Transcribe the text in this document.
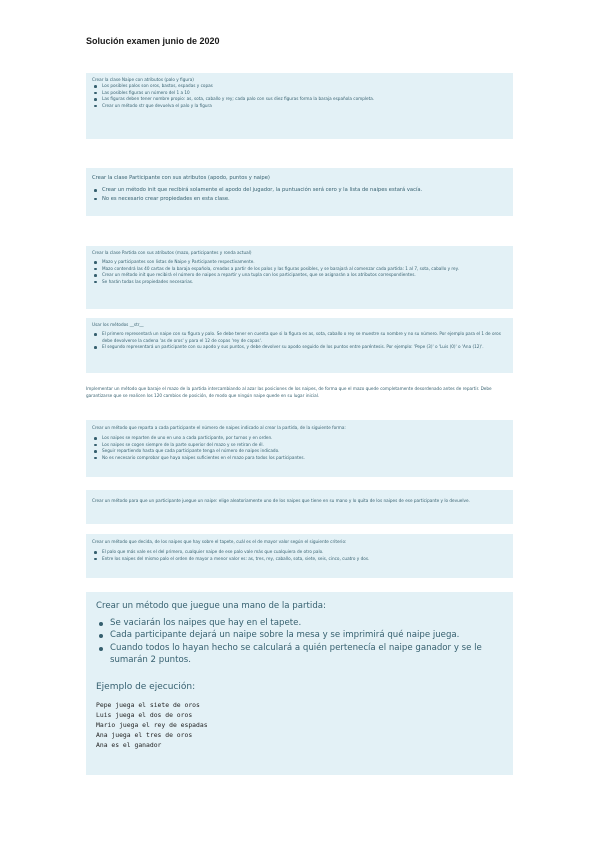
Solución examen junio de 2020

Crear la clase Naipe con atributos (palo y figura)

Los posibles palos son oros, bastos, espadas y copas
Las posibles figuras un número del 1 a 10
Las figuras deben tener nombre propio: as, sota, caballo y rey; cada palo con sus diez figuras forma la baraja española completa.
Crear un método str que devuelva el palo y la figura

Crear la clase Participante con sus atributos (apodo, puntos y naipe)

Crear un método init que recibirá solamente el apodo del jugador, la puntuación será cero y la lista de naipes estará vacía.
No es necesario crear propiedades en esta clase.

Crear la clase Partida con sus atributos (mazo, participantes y ronda actual)

Mazo y participantes son listas de Naipe y Participante respectivamente.
Mazo contendrá las 40 cartas de la baraja española, creadas a partir de los palos y las figuras posibles, y se barajará al comenzar cada partida: 1 al 7, sota, caballo y rey.
Crear un método init que recibirá el número de naipes a repartir y una tupla con los participantes, que se asignarán a los atributos correspondientes.
Se harán todas las propiedades necesarias.

Usar los métodos __str__

El primero representará un naipe con su figura y palo. Se debe tener en cuenta que si la figura es as, sota, caballo o rey se muestre su nombre y no su número. Por ejemplo para el 1 de oros debe devolverse la cadena 'as de oros' y para el 12 de copas 'rey de copas'.
El segundo representará un participante con su apodo y sus puntos, y debe devolver su apodo seguido de los puntos entre paréntesis. Por ejemplo: 'Pepe (3)' o 'Luis (0)' o 'Ana (12)'.
Implementar un método que baraje el mazo de la partida intercambiando al azar las posiciones de los naipes, de forma que el mazo quede completamente desordenado antes de repartir. Debe garantizarse que se realicen los 120 cambios de posición, de modo que ningún naipe quede en su lugar inicial.

Crear un método que reparta a cada participante el número de naipes indicado al crear la partida, de la siguiente forma:

Los naipes se reparten de uno en uno a cada participante, por turnos y en orden.
Los naipes se cogen siempre de la parte superior del mazo y se retiran de él.
Seguir repartiendo hasta que cada participante tenga el número de naipes indicado.
No es necesario comprobar que haya naipes suficientes en el mazo para todos los participantes.

Crear un método para que un participante juegue un naipe: elige aleatoriamente uno de los naipes que tiene en su mano y lo quita de los naipes de ese participante y lo devuelve.

Crear un método que decida, de los naipes que hay sobre el tapete, cuál es el de mayor valor según el siguiente criterio:

El palo que más vale es el del primero, cualquier naipe de ese palo vale más que cualquiera de otro palo.
Entre los naipes del mismo palo el orden de mayor a menor valor es: as, tres, rey, caballo, sota, siete, seis, cinco, cuatro y dos.

Crear un método que juegue una mano de la partida:

Se vaciarán los naipes que hay en el tapete.
Cada participante dejará un naipe sobre la mesa y se imprimirá qué naipe juega.
Cuando todos lo hayan hecho se calculará a quién pertenecía el naipe ganador y se le sumarán 2 puntos.
Ejemplo de ejecución:
Pepe juega el siete de oros
Luis juega el dos de oros
Mario juega el rey de espadas
Ana juega el tres de oros
Ana es el ganador
